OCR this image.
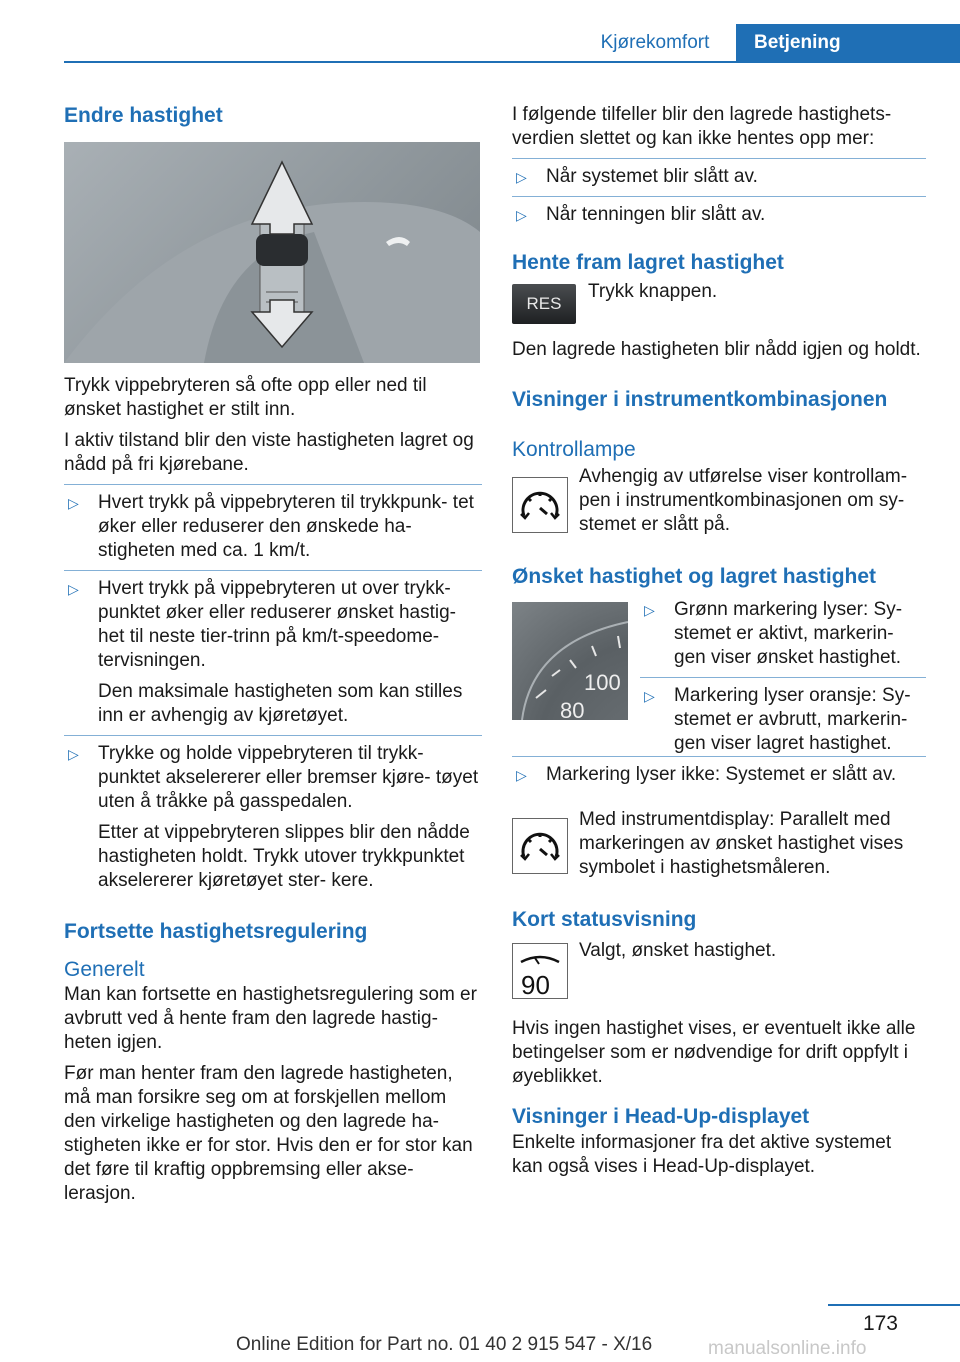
Kjørekomfort	Betjening
Endre hastighet

Trykk vippebryteren så ofte opp eller ned til ønsket hastighet er stilt inn.

I aktiv tilstand blir den viste hastigheten lagret og nådd på fri kjørebane.

▷ Hvert trykk på vippebryteren til trykkpunk- tet øker eller reduserer den ønskede ha- stigheten med ca. 1 km/t.
▷ Hvert trykk på vippebryteren ut over trykk- punktet øker eller reduserer ønsket hastig- het til neste tier-trinn på km/t-speedome- tervisningen.
Den maksimale hastigheten som kan stilles inn er avhengig av kjøretøyet.
▷ Trykke og holde vippebryteren til trykk- punktet akselererer eller bremser kjøre- tøyet uten å tråkke på gasspedalen.
Etter at vippebryteren slippes blir den nådde hastigheten holdt. Trykk utover trykkpunktet akselererer kjøretøyet ster- kere.
Fortsette hastighetsregulering
Generelt

Man kan fortsette en hastighetsregulering som er avbrutt ved å hente fram den lagrede hastig- heten igjen.

Før man henter fram den lagrede hastigheten, må man forsikre seg om at forskjellen mellom den virkelige hastigheten og den lagrede ha- stigheten ikke er for stor. Hvis den er for stor kan det føre til kraftig oppbremsing eller akse- lerasjon.

I følgende tilfeller blir den lagrede hastighets- verdien slettet og kan ikke hentes opp mer:

▷ Når systemet blir slått av.
▷ Når tenningen blir slått av.
Hente fram lagret hastighet
RES

Trykk knappen.

Den lagrede hastigheten blir nådd igjen og holdt.

Visninger i instrumentkombinasjonen
Kontrollampe

Avhengig av utførelse viser kontrollam- pen i instrumentkombinasjonen om sy- stemet er slått på.

Ønsket hastighet og lagret hastighet
100
80
▷ Grønn markering lyser: Sy- stemet er aktivt, markerin- gen viser ønsket hastighet.
▷ Markering lyser oransje: Sy- stemet er avbrutt, markerin- gen viser lagret hastighet.
▷ Markering lyser ikke: Systemet er slått av.

Med instrumentdisplay: Parallelt med markeringen av ønsket hastighet vises symbolet i hastighetsmåleren.

Kort statusvisning
90

Valgt, ønsket hastighet.

Hvis ingen hastighet vises, er eventuelt ikke alle betingelser som er nødvendige for drift oppfylt i øyeblikket.

Visninger i Head-Up-displayet

Enkelte informasjoner fra det aktive systemet kan også vises i Head-Up-displayet.

173
Online Edition for Part no. 01 40 2 915 547 - X/16	manualsonline.info
